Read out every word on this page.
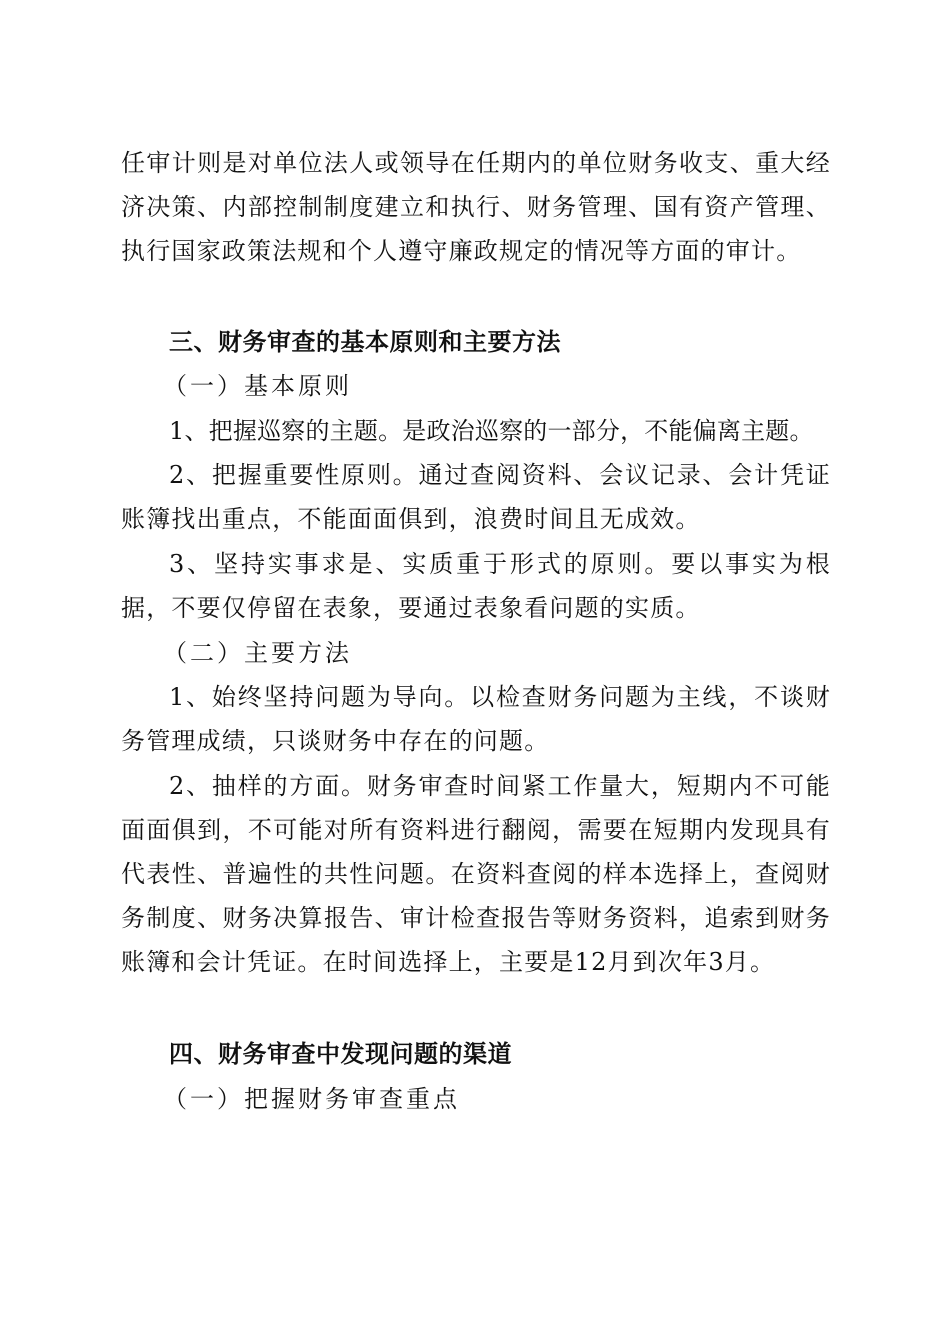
任审计则是对单位法人或领导在任期内的单位财务收支、重大经济决策、内部控制制度建立和执行、财务管理、国有资产管理、执行国家政策法规和个人遵守廉政规定的情况等方面的审计。

三、财务审查的基本原则和主要方法

（一）基本原则

1、把握巡察的主题。是政治巡察的一部分，不能偏离主题。

2、把握重要性原则。通过查阅资料、会议记录、会计凭证账簿找出重点，不能面面俱到，浪费时间且无成效。

3、坚持实事求是、实质重于形式的原则。要以事实为根据，不要仅停留在表象，要通过表象看问题的实质。

（二）主要方法

1、始终坚持问题为导向。以检查财务问题为主线，不谈财务管理成绩，只谈财务中存在的问题。

2、抽样的方面。财务审查时间紧工作量大，短期内不可能面面俱到，不可能对所有资料进行翻阅，需要在短期内发现具有代表性、普遍性的共性问题。在资料查阅的样本选择上，查阅财务制度、财务决算报告、审计检查报告等财务资料，追索到财务账簿和会计凭证。在时间选择上，主要是12月到次年3月。

四、财务审查中发现问题的渠道

（一）把握财务审查重点
